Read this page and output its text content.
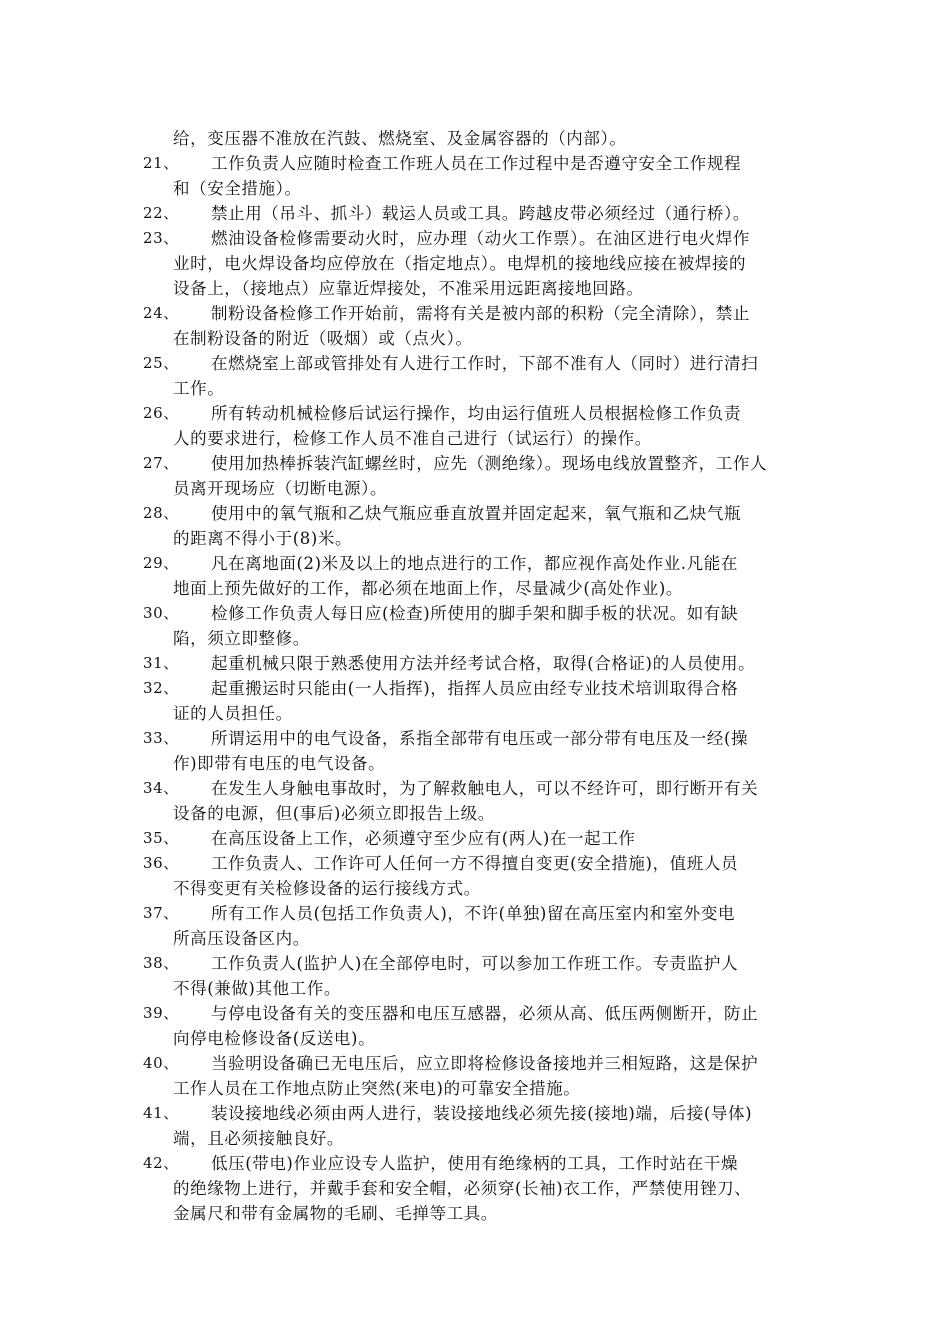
给，变压器不准放在汽鼓、燃烧室、及金属容器的（内部）。
21、 工作负责人应随时检查工作班人员在工作过程中是否遵守安全工作规程
和（安全措施）。
22、 禁止用（吊斗、抓斗）载运人员或工具。跨越皮带必须经过（通行桥）。
23、 燃油设备检修需要动火时，应办理（动火工作票）。在油区进行电火焊作
业时，电火焊设备均应停放在（指定地点）。电焊机的接地线应接在被焊接的
设备上，（接地点）应靠近焊接处，不准采用远距离接地回路。
24、 制粉设备检修工作开始前，需将有关是被内部的积粉（完全清除），禁止
在制粉设备的附近（吸烟）或（点火）。
25、 在燃烧室上部或管排处有人进行工作时，下部不准有人（同时）进行清扫
工作。
26、 所有转动机械检修后试运行操作，均由运行值班人员根据检修工作负责
人的要求进行，检修工作人员不准自己进行（试运行）的操作。
27、 使用加热棒拆装汽缸螺丝时，应先（测绝缘）。现场电线放置整齐，工作人
员离开现场应（切断电源）。
28、 使用中的氧气瓶和乙炔气瓶应垂直放置并固定起来，氧气瓶和乙炔气瓶
的距离不得小于(8)米。
29、 凡在离地面(2)米及以上的地点进行的工作，都应视作高处作业.凡能在
地面上预先做好的工作，都必须在地面上作，尽量减少(高处作业)。
30、 检修工作负责人每日应(检查)所使用的脚手架和脚手板的状况。如有缺
陷，须立即整修。
31、 起重机械只限于熟悉使用方法并经考试合格，取得(合格证)的人员使用。
32、 起重搬运时只能由(一人指挥)，指挥人员应由经专业技术培训取得合格
证的人员担任。
33、 所谓运用中的电气设备，系指全部带有电压或一部分带有电压及一经(操
作)即带有电压的电气设备。
34、 在发生人身触电事故时，为了解救触电人，可以不经许可，即行断开有关
设备的电源，但(事后)必须立即报告上级。
35、 在高压设备上工作，必须遵守至少应有(两人)在一起工作
36、 工作负责人、工作许可人任何一方不得擅自变更(安全措施)，值班人员
不得变更有关检修设备的运行接线方式。
37、 所有工作人员(包括工作负责人)，不许(单独)留在高压室内和室外变电
所高压设备区内。
38、 工作负责人(监护人)在全部停电时，可以参加工作班工作。专责监护人
不得(兼做)其他工作。
39、 与停电设备有关的变压器和电压互感器，必须从高、低压两侧断开，防止
向停电检修设备(反送电)。
40、 当验明设备确已无电压后，应立即将检修设备接地并三相短路，这是保护
工作人员在工作地点防止突然(来电)的可靠安全措施。
41、 装设接地线必须由两人进行，装设接地线必须先接(接地)端，后接(导体)
端，且必须接触良好。
42、 低压(带电)作业应设专人监护，使用有绝缘柄的工具，工作时站在干燥
的绝缘物上进行，并戴手套和安全帽，必须穿(长袖)衣工作，严禁使用锉刀、
金属尺和带有金属物的毛刷、毛掸等工具。
